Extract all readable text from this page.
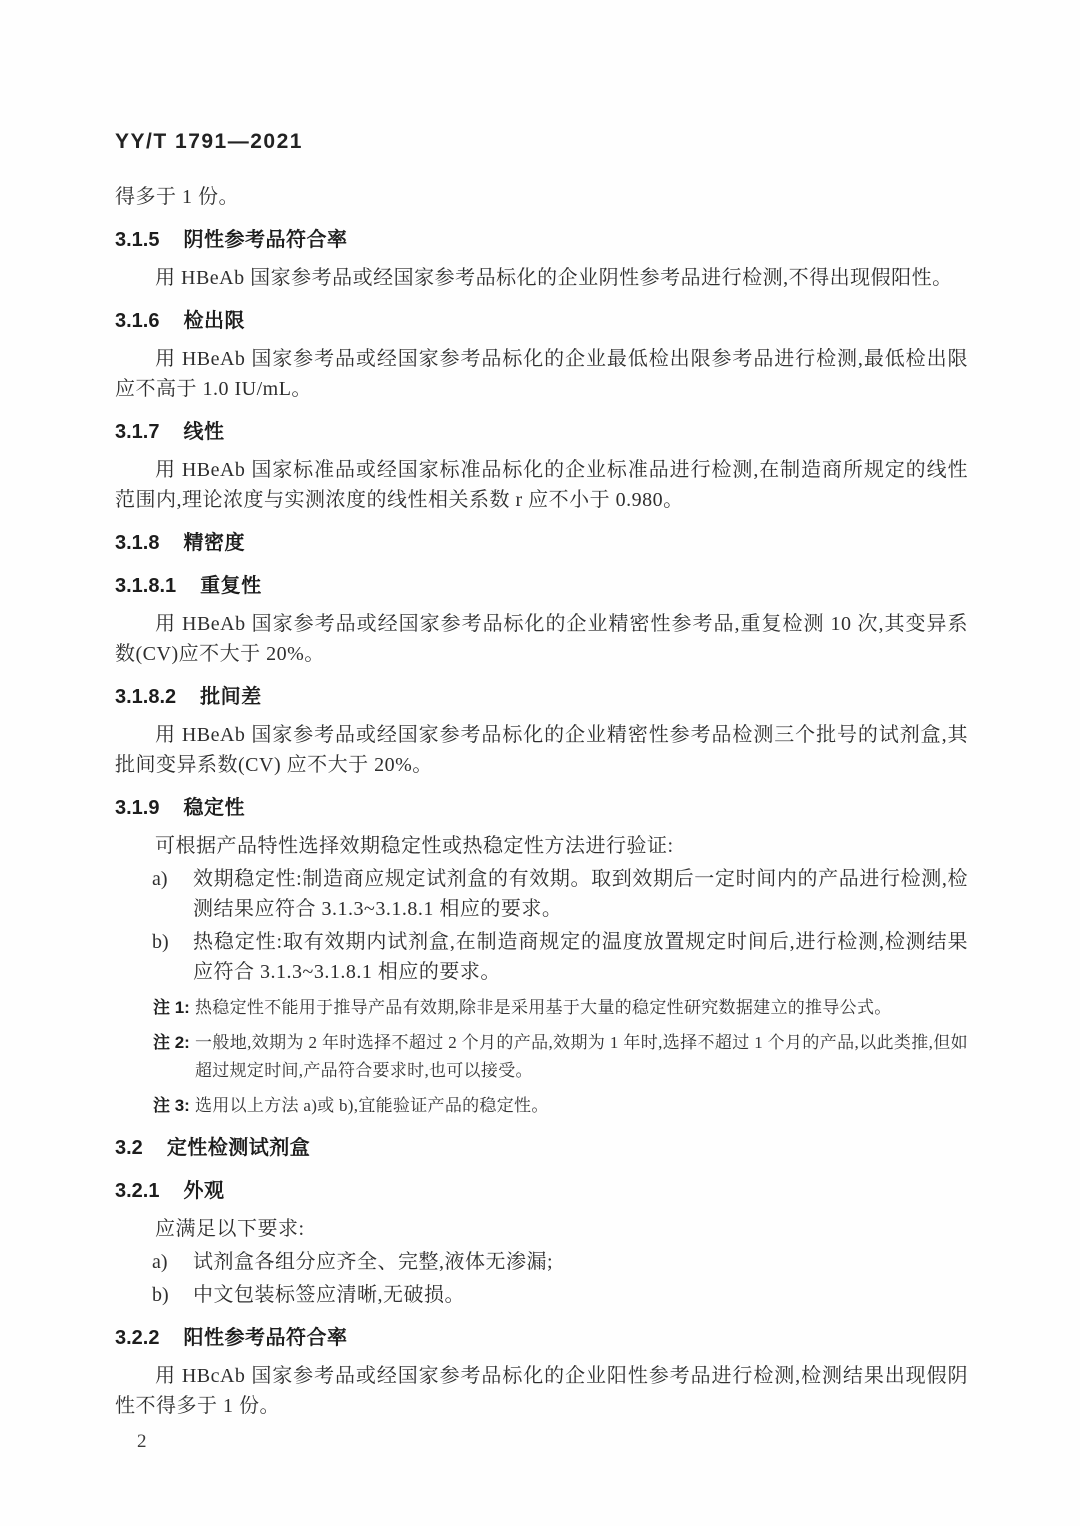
YY/T 1791—2021

得多于 1 份。

3.1.5 阴性参考品符合率

用 HBeAb 国家参考品或经国家参考品标化的企业阴性参考品进行检测,不得出现假阳性。

3.1.6 检出限

用 HBeAb 国家参考品或经国家参考品标化的企业最低检出限参考品进行检测,最低检出限应不高于 1.0 IU/mL。

3.1.7 线性

用 HBeAb 国家标准品或经国家标准品标化的企业标准品进行检测,在制造商所规定的线性范围内,理论浓度与实测浓度的线性相关系数 r 应不小于 0.980。

3.1.8 精密度
3.1.8.1 重复性

用 HBeAb 国家参考品或经国家参考品标化的企业精密性参考品,重复检测 10 次,其变异系数(CV)应不大于 20%。

3.1.8.2 批间差

用 HBeAb 国家参考品或经国家参考品标化的企业精密性参考品检测三个批号的试剂盒,其批间变异系数(CV) 应不大于 20%。

3.1.9 稳定性

可根据产品特性选择效期稳定性或热稳定性方法进行验证:

a) 效期稳定性:制造商应规定试剂盒的有效期。取到效期后一定时间内的产品进行检测,检测结果应符合 3.1.3~3.1.8.1 相应的要求。
b) 热稳定性:取有效期内试剂盒,在制造商规定的温度放置规定时间后,进行检测,检测结果应符合 3.1.3~3.1.8.1 相应的要求。
注 1: 热稳定性不能用于推导产品有效期,除非是采用基于大量的稳定性研究数据建立的推导公式。
注 2: 一般地,效期为 2 年时选择不超过 2 个月的产品,效期为 1 年时,选择不超过 1 个月的产品,以此类推,但如超过规定时间,产品符合要求时,也可以接受。
注 3: 选用以上方法 a)或 b),宜能验证产品的稳定性。
3.2 定性检测试剂盒
3.2.1 外观

应满足以下要求:

a) 试剂盒各组分应齐全、完整,液体无渗漏;
b) 中文包装标签应清晰,无破损。
3.2.2 阳性参考品符合率

用 HBcAb 国家参考品或经国家参考品标化的企业阳性参考品进行检测,检测结果出现假阴性不得多于 1 份。

2
